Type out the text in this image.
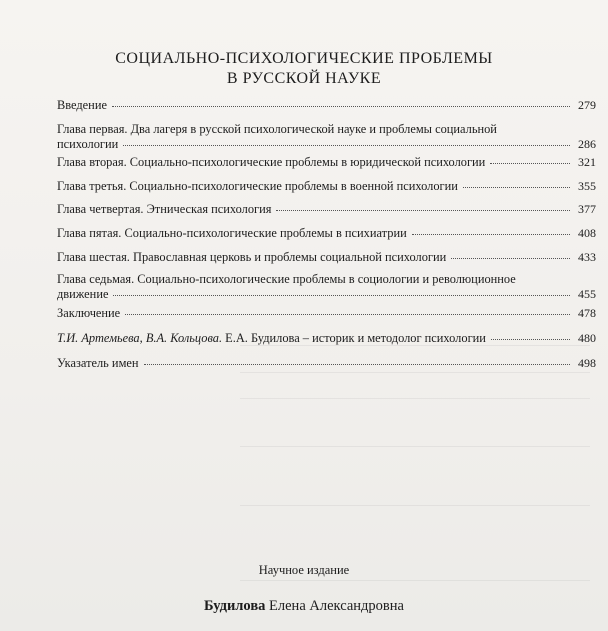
СОЦИАЛЬНО-ПСИХОЛОГИЧЕСКИЕ ПРОБЛЕМЫ
В РУССКОЙ НАУКЕ
Введение	279
Глава первая. Два лагеря в русской психологической науке и проблемы социальной
психологии	286
Глава вторая. Социально-психологические проблемы в юридической психологии	321
Глава третья. Социально-психологические проблемы в военной психологии	355
Глава четвертая. Этническая психология	377
Глава пятая. Социально-психологические проблемы в психиатрии	408
Глава шестая. Православная церковь и проблемы социальной психологии	433
Глава седьмая. Социально-психологические проблемы в социологии и революционное
движение	455
Заключение	478
Т.И. Артемьева, В.А. Кольцова. Е.А. Будилова – историк и методолог психологии	480
Указатель имен	498
Научное издание
Будилова Елена Александровна
